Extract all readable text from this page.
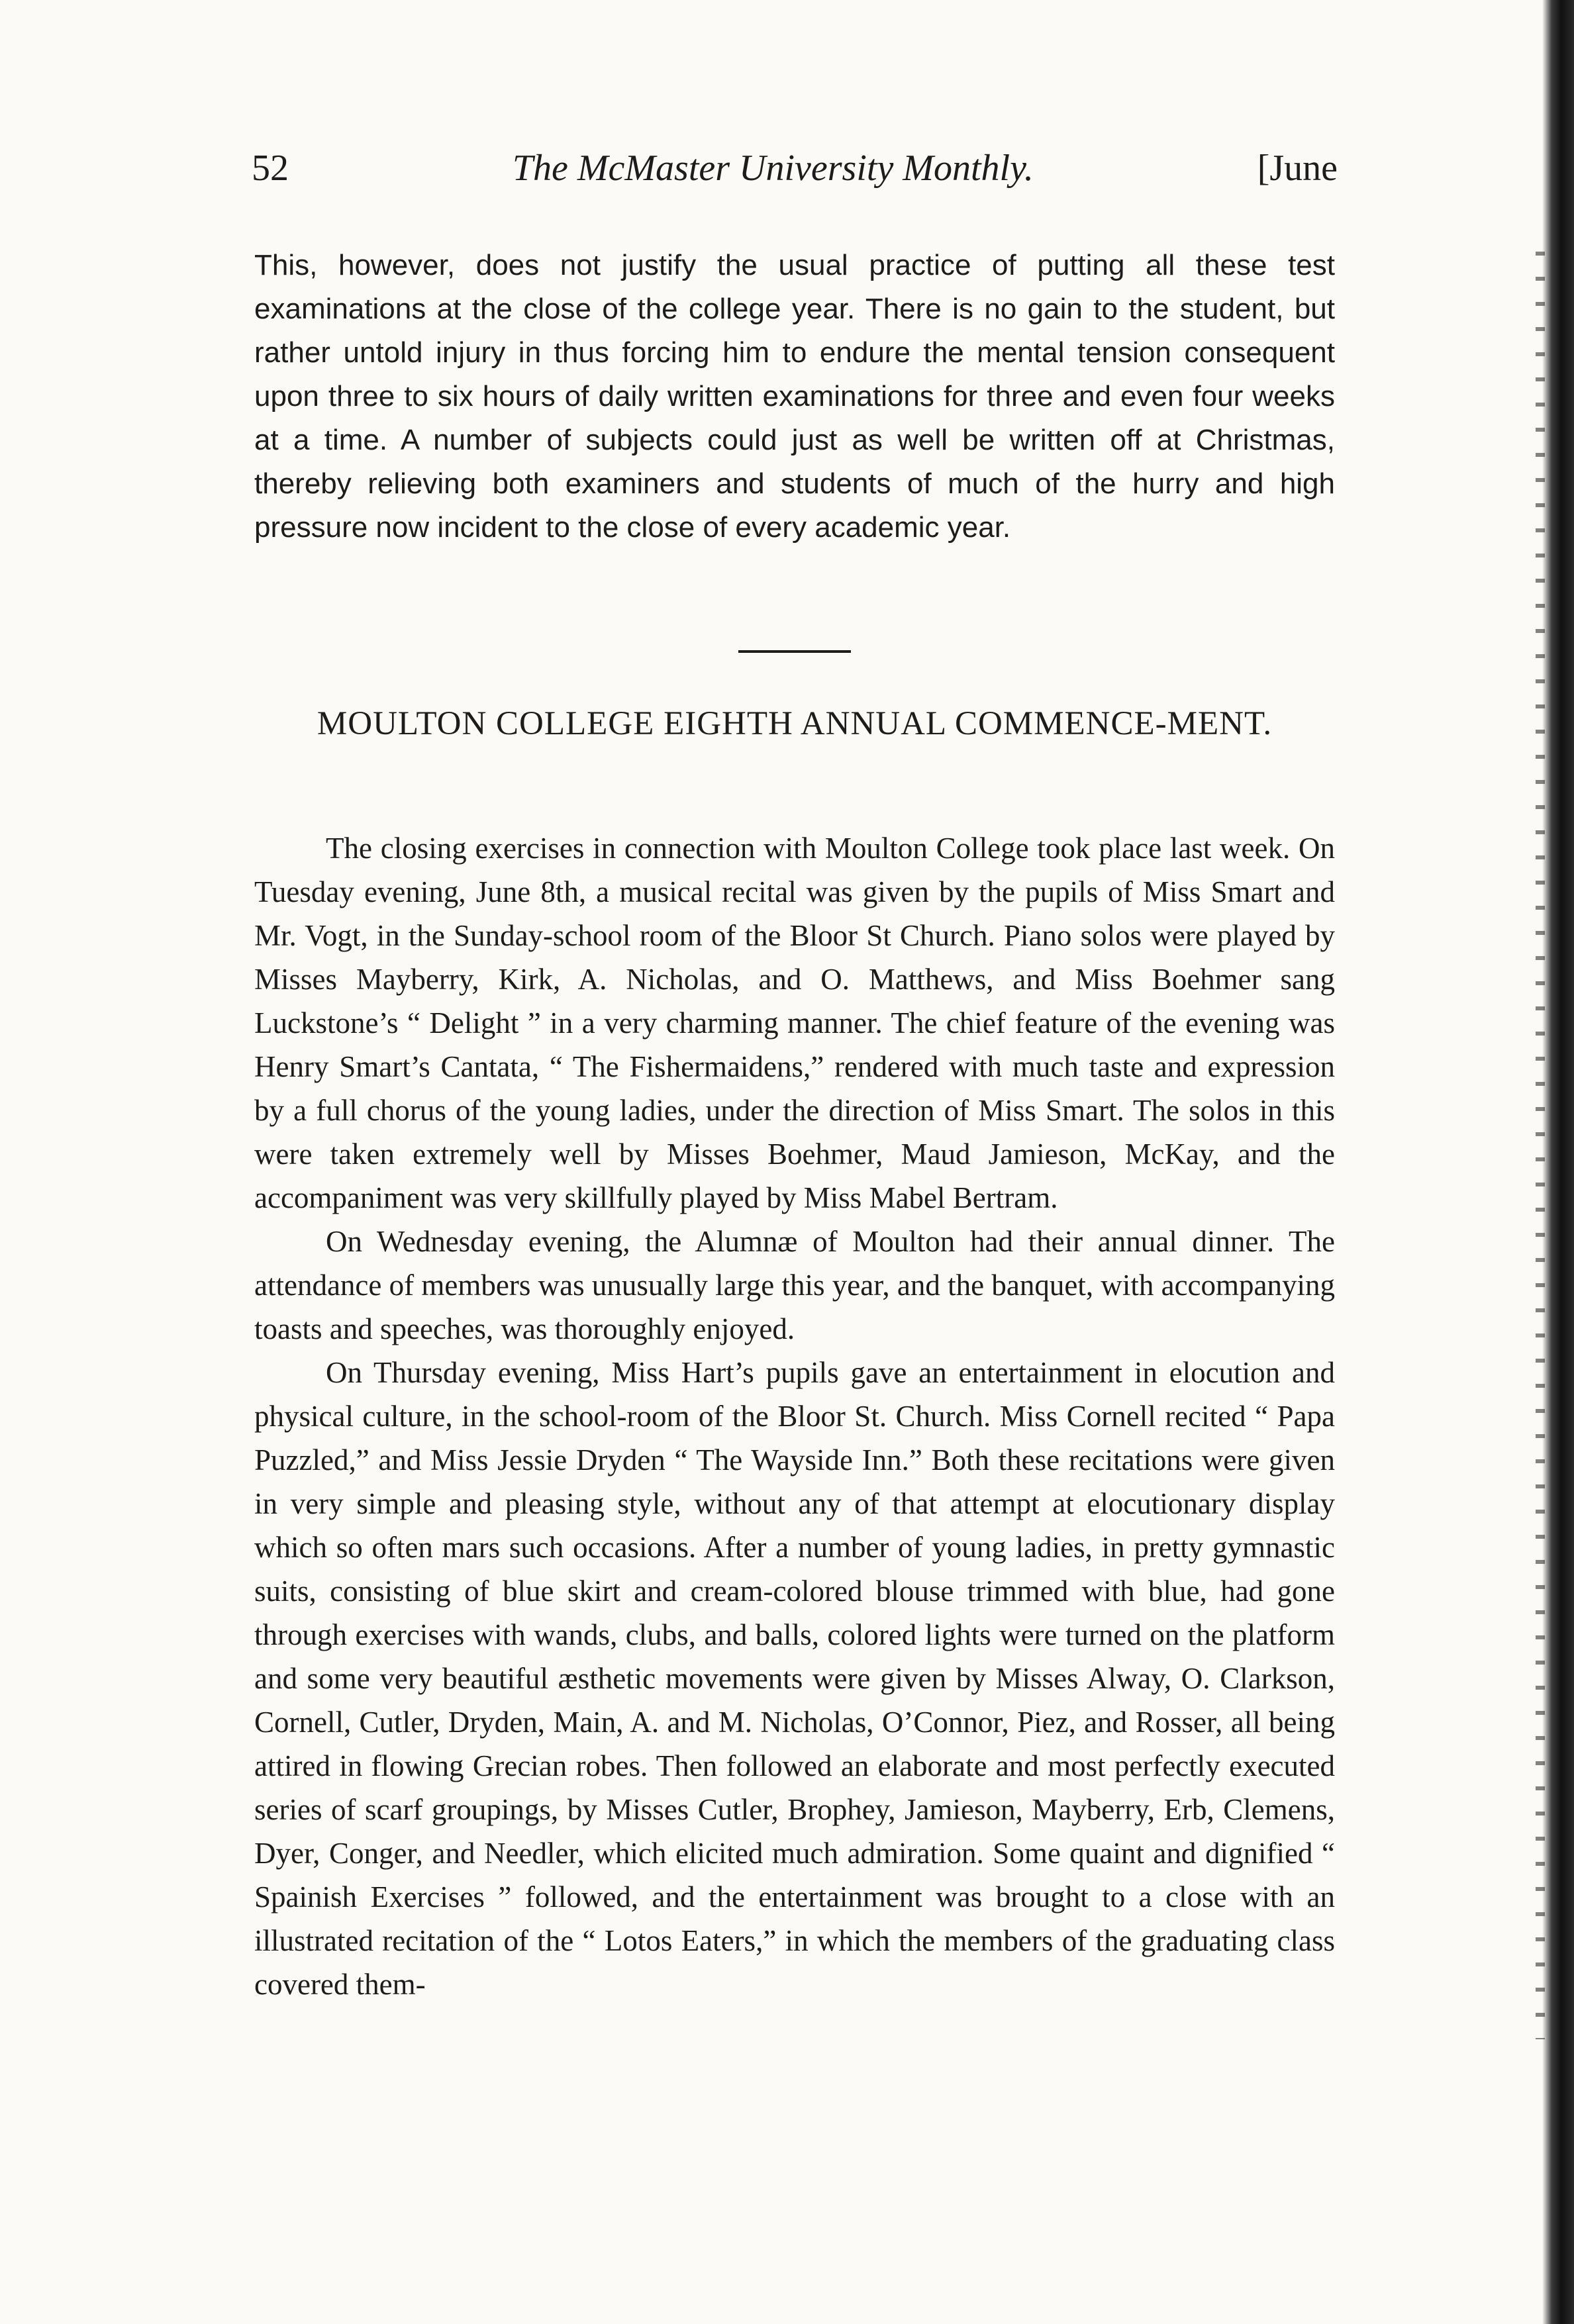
52	The McMaster University Monthly.	[June

This, however, does not justify the usual practice of putting all these test examinations at the close of the college year. There is no gain to the student, but rather untold injury in thus forcing him to endure the mental tension consequent upon three to six hours of daily written examinations for three and even four weeks at a time. A number of subjects could just as well be written off at Christmas, thereby relieving both examiners and students of much of the hurry and high pressure now incident to the close of every academic year.

MOULTON COLLEGE EIGHTH ANNUAL COMMENCE-MENT.

The closing exercises in connection with Moulton College took place last week. On Tuesday evening, June 8th, a musical recital was given by the pupils of Miss Smart and Mr. Vogt, in the Sunday-school room of the Bloor St Church. Piano solos were played by Misses Mayberry, Kirk, A. Nicholas, and O. Matthews, and Miss Boehmer sang Luckstone’s “ Delight ” in a very charming manner. The chief feature of the evening was Henry Smart’s Cantata, “ The Fishermaidens,” rendered with much taste and expression by a full chorus of the young ladies, under the direction of Miss Smart. The solos in this were taken extremely well by Misses Boehmer, Maud Jamieson, McKay, and the accompaniment was very skillfully played by Miss Mabel Bertram.

On Wednesday evening, the Alumnæ of Moulton had their annual dinner. The attendance of members was unusually large this year, and the banquet, with accompanying toasts and speeches, was thoroughly enjoyed.

On Thursday evening, Miss Hart’s pupils gave an entertainment in elocution and physical culture, in the school-room of the Bloor St. Church. Miss Cornell recited “ Papa Puzzled,” and Miss Jessie Dryden “ The Wayside Inn.” Both these recitations were given in very simple and pleasing style, without any of that attempt at elocutionary display which so often mars such occasions. After a number of young ladies, in pretty gymnastic suits, consisting of blue skirt and cream-colored blouse trimmed with blue, had gone through exercises with wands, clubs, and balls, colored lights were turned on the platform and some very beautiful æsthetic movements were given by Misses Alway, O. Clarkson, Cornell, Cutler, Dryden, Main, A. and M. Nicholas, O’Connor, Piez, and Rosser, all being attired in flowing Grecian robes. Then followed an elaborate and most perfectly executed series of scarf groupings, by Misses Cutler, Brophey, Jamieson, Mayberry, Erb, Clemens, Dyer, Conger, and Needler, which elicited much admiration. Some quaint and dignified “ Spainish Exercises ” followed, and the entertainment was brought to a close with an illustrated recitation of the “ Lotos Eaters,” in which the members of the graduating class covered them-
